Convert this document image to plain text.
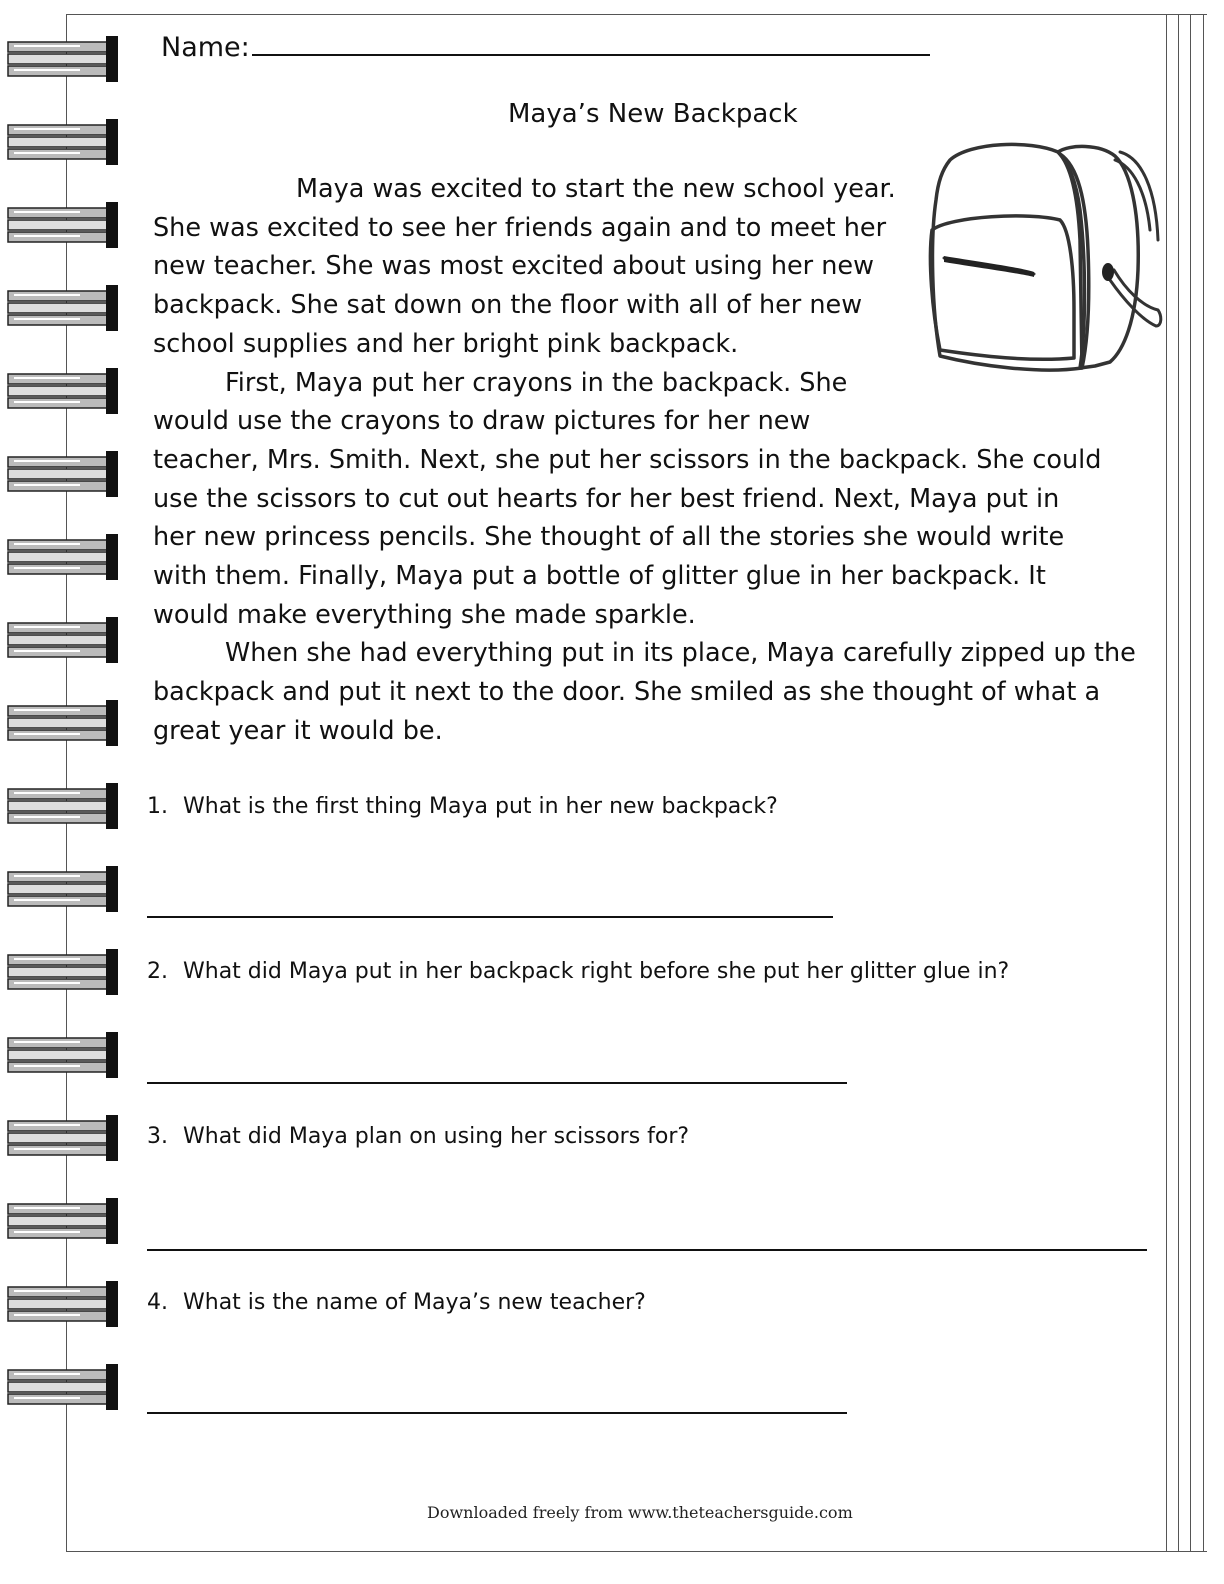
Name:
Maya’s New Backpack
Maya was excited to start the new school year.
She was excited to see her friends again and to meet her
new teacher. She was most excited about using her new
backpack. She sat down on the floor with all of her new
school supplies and her bright pink backpack.
First, Maya put her crayons in the backpack. She
would use the crayons to draw pictures for her new
teacher, Mrs. Smith. Next, she put her scissors in the backpack. She could
use the scissors to cut out hearts for her best friend. Next, Maya put in
her new princess pencils. She thought of all the stories she would write
with them. Finally, Maya put a bottle of glitter glue in her backpack. It
would make everything she made sparkle.
When she had everything put in its place, Maya carefully zipped up the
backpack and put it next to the door. She smiled as she thought of what a
great year it would be.
1. What is the first thing Maya put in her new backpack?
2. What did Maya put in her backpack right before she put her glitter glue in?
3. What did Maya plan on using her scissors for?
4. What is the name of Maya’s new teacher?
Downloaded freely from www.theteachersguide.com
